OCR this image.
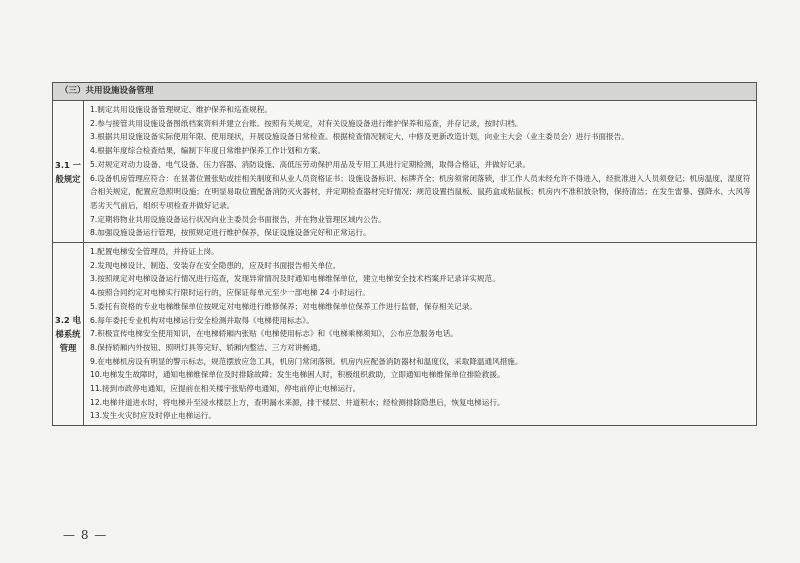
（三）共用设施设备管理
3.1 一般规定
1.制定共用设施设备管理规定、维护保养和巡查规程。
2.参与接管共用设施设备图纸档案资料并建立台账。按照有关规定，对有关设施设备进行维护保养和巡查，并存记录，按时归档。
3.根据共用设施设备实际使用年限、使用现状，开展设施设备日常检查。根据检查情况制定大、中修及更新改造计划，向业主大会（业主委员会）进行书面报告。
4.根据年度综合检查结果，编制下年度日常维护保养工作计划和方案。
5.对规定对动力设备、电气设备、压力容器、消防设施、高低压劳动保护用品及专用工具进行定期检测，取得合格证，并做好记录。
6.设备机房管理应符合：在显著位置张贴或挂相关制度和从业人员资格证书；设施设备标识、标牌齐全；机房须常闭落锁，非工作人员未经允许不得进入，经批准进入人员须登记；机房温度、湿度符合相关规定，配置应急照明设施；在明显易取位置配备消防灭火器材，并定期检查器材完好情况；规范设置挡鼠板、鼠药盒或粘鼠板；机房内不准积放杂物，保持清洁；在发生雷暴、强降水、大风等恶劣天气前后，组织专项检查并做好记录。
7.定期将物业共用设施设备运行状况向业主委员会书面报告，并在物业管理区域内公告。
8.加强设施设备运行管理，按照规定进行维护保养，保证设施设备完好和正常运行。
3.2 电梯系统管理
1.配置电梯安全管理员，并持证上岗。
2.发现电梯设计、制造、安装存在安全隐患的，应及时书面报告相关单位。
3.按照规定对电梯设备运行情况进行巡查，发现异常情况及时通知电梯维保单位，建立电梯安全技术档案并记录详实规范。
4.按照合同约定对电梯实行限时运行的，应保证每单元至少一部电梯 24 小时运行。
5.委托有资格的专业电梯维保单位按规定对电梯进行维修保养；对电梯维保单位保养工作进行监督，保存相关记录。
6.每年委托专业机构对电梯运行安全检测并取得《电梯使用标志》。
7.积极宣传电梯安全使用知识，在电梯轿厢内张贴《电梯使用标志》和《电梯乘梯须知》，公布应急服务电话。
8.保持轿厢内外按钮、照明灯具等完好、轿厢内整洁、三方对讲畅通。
9.在电梯机房设有明显的警示标志，规范摆放应急工具，机房门常闭落锁。机房内应配备消防器材和温度仪，采取降温通风措施。
10.电梯发生故障时，通知电梯维保单位及时排除故障；发生电梯困人时，积极组织救助，立即通知电梯维保单位排险救援。
11.接到市政停电通知，应提前在相关楼宇张贴停电通知，停电前停止电梯运行。
12.电梯井道进水时，将电梯升至浸水楼层上方，查明漏水来源，排干楼层、井道积水；经检测排除隐患后，恢复电梯运行。
13.发生火灾时应及时停止电梯运行。
— 8 —
